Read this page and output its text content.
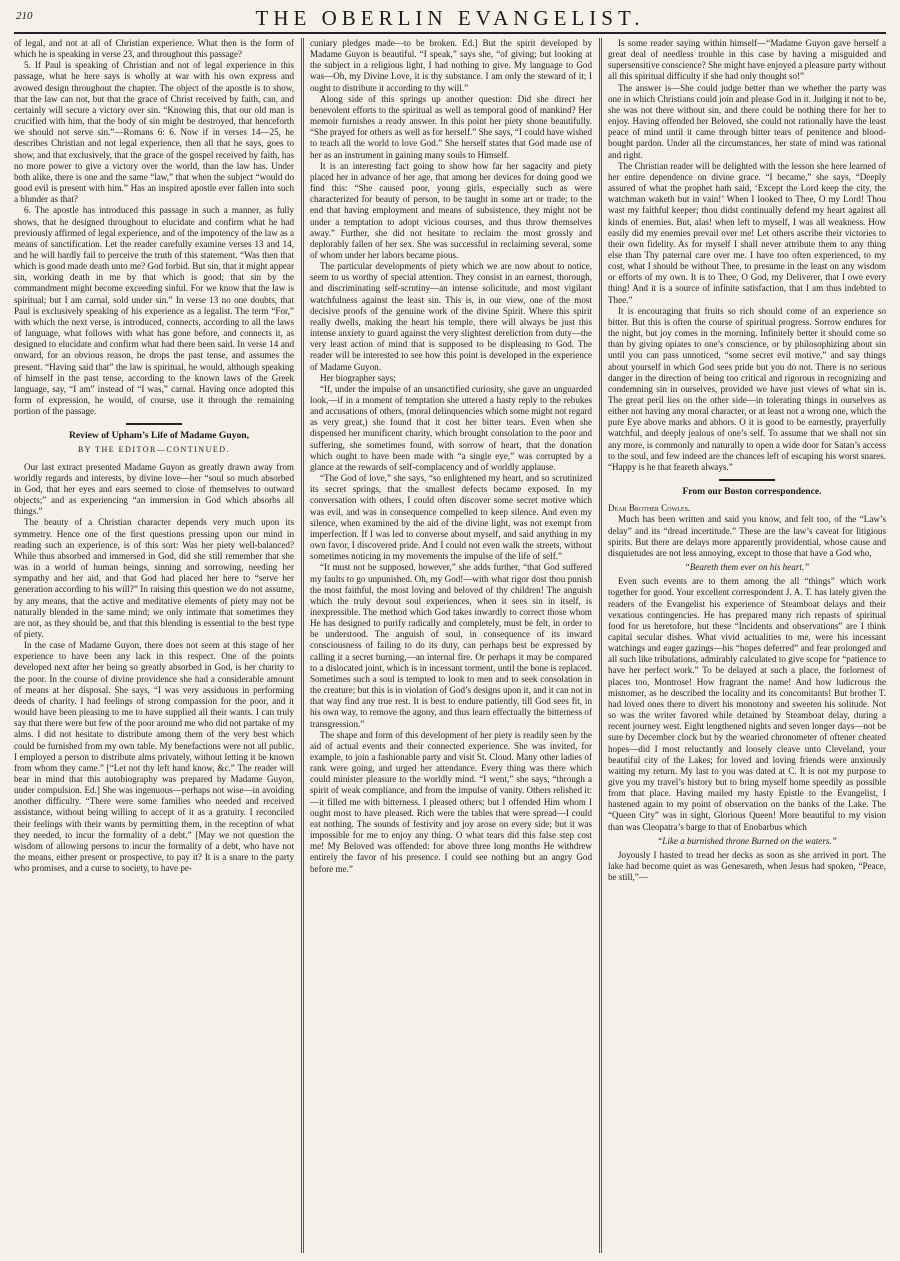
210	THE OBERLIN EVANGELIST.

of legal, and not at all of Christian experience. What then is the form of which he is speaking in verse 23, and throughout this passage?

5. If Paul is speaking of Christian and not of legal experience in this passage, what he here says is wholly at war with his own express and avowed design throughout the chapter. The object of the apostle is to show, that the law can not, but that the grace of Christ received by faith, can, and certainly will secure a victory over sin. “Knowing this, that our old man is crucified with him, that the body of sin might be destroyed, that henceforth we should not serve sin.”—Romans 6: 6. Now if in verses 14—25, he describes Christian and not legal experience, then all that he says, goes to show, and that exclusively, that the grace of the gospel received by faith, has no more power to give a victory over the world, than the law has. Under both alike, there is one and the same “law,” that when the subject “would do good evil is present with him.” Has an inspired apostle ever fallen into such a blunder as that?

6. The apostle has introduced this passage in such a manner, as fully shows, that he designed throughout to elucidate and confirm what he had previously affirmed of legal experience, and of the impotency of the law as a means of sanctification. Let the reader carefully examine verses 13 and 14, and he will hardly fail to perceive the truth of this statement. “Was then that which is good made death unto me? God forbid. But sin, that it might appear sin, working death in me by that which is good; that sin by the commandment might become exceeding sinful. For we know that the law is spiritual; but I am carnal, sold under sin.” In verse 13 no one doubts, that Paul is exclusively speaking of his experience as a legalist. The term “For,” with which the next verse, is introduced, connects, according to all the laws of language, what follows with what has gone before, and connects it, as designed to elucidate and confirm what had there been said. In verse 14 and onward, for an obvious reason, he drops the past tense, and assumes the present. “Having said that” the law is spiritual, he would, although speaking of himself in the past tense, according to the known laws of the Greek language, say, “I am” instead of “I was,” carnal. Having once adopted this form of expression, he would, of course, use it through the remaining portion of the passage.

Review of Upham’s Life of Madame Guyon,

BY THE EDITOR—CONTINUED.

Our last extract presented Madame Guyon as greatly drawn away from worldly regards and interests, by divine love—her “soul so much absorbed in God, that her eyes and ears seemed to close of themselves to outward objects;” and as experiencing “an immersion in God which absorbs all things.”

The beauty of a Christian character depends very much upon its symmetry. Hence one of the first questions pressing upon our mind in reading such an experience, is of this sort: Was her piety well-balanced? While thus absorbed and immersed in God, did she still remember that she was in a world of human beings, sinning and sorrowing, needing her sympathy and her aid, and that God had placed her here to “serve her generation according to his will?” In raising this question we do not assume, by any means, that the active and meditative elements of piety may not be naturally blended in the same mind; we only intimate that sometimes they are not, as they should be, and that this blending is essential to the best type of piety.

In the case of Madame Guyon, there does not seem at this stage of her experience to have been any lack in this respect. One of the points developed next after her being so greatly absorbed in God, is her charity to the poor. In the course of divine providence she had a considerable amount of means at her disposal. She says, “I was very assiduous in performing deeds of charity. I had feelings of strong compassion for the poor, and it would have been pleasing to me to have supplied all their wants. I can truly say that there were but few of the poor around me who did not partake of my alms. I did not hesitate to distribute among them of the very best which could be furnished from my own table. My benefactions were not all public. I employed a person to distribute alms privately, without letting it be known from whom they came.” [“Let not thy left hand know, &c.” The reader will bear in mind that this autobiography was prepared by Madame Guyon, under compulsion. Ed.] She was ingenuous—perhaps not wise—in avoiding another difficulty. “There were some families who needed and received assistance, without being willing to accept of it as a gratuity. I reconciled their feelings with their wants by permitting them, in the reception of what they needed, to incur the formality of a debt.” [May we not question the wisdom of allowing persons to incur the formality of a debt, who have not the means, either present or prospective, to pay it? It is a snare to the party who promises, and a curse to society, to have pe-

cuniary pledges made—to be broken. Ed.] But the spirit developed by Madame Guyon is beautiful. “I speak,” says she, “of giving; but looking at the subject in a religious light, I had nothing to give. My language to God was—Oh, my Divine Love, it is thy substance. I am only the steward of it; I ought to distribute it according to thy will.”

Along side of this springs up another question: Did she direct her benevolent efforts to the spiritual as well as temporal good of mankind? Her memoir furnishes a ready answer. In this point her piety shone beautifully. “She prayed for others as well as for herself.” She says, “I could have wished to teach all the world to love God.” She herself states that God made use of her as an instrument in gaining many souls to Himself.

It is an interesting fact going to show how far her sagacity and piety placed her in advance of her age, that among her devices for doing good we find this: “She caused poor, young girls, especially such as were characterized for beauty of person, to be taught in some art or trade; to the end that having employment and means of subsistence, they might not be under a temptation to adopt vicious courses, and thus throw themselves away.” Further, she did not hesitate to reclaim the most grossly and deplorably fallen of her sex. She was successful in reclaiming several, some of whom under her labors became pious.

The particular developments of piety which we are now about to notice, seem to us worthy of special attention. They consist in an earnest, thorough, and discriminating self-scrutiny—an intense solicitude, and most vigilant watchfulness against the least sin. This is, in our view, one of the most decisive proofs of the genuine work of the divine Spirit. Where this spirit really dwells, making the heart his temple, there will always be just this intense anxiety to guard against the very slightest dereliction from duty—the very least action of mind that is supposed to be displeasing to God. The reader will be interested to see how this point is developed in the experience of Madame Guyon.

Her biographer says;

“If, under the impulse of an unsanctified curiosity, she gave an unguarded look,—if in a moment of temptation she uttered a hasty reply to the rebukes and accusations of others, (moral delinquencies which some might not regard as very great,) she found that it cost her bitter tears. Even when she dispensed her munificent charity, which brought consolation to the poor and suffering, she sometimes found, with sorrow of heart, that the donation which ought to have been made with “a single eye,” was corrupted by a glance at the rewards of self-complacency and of worldly applause.

“The God of love,” she says, “so enlightened my heart, and so scrutinized its secret springs, that the smallest defects became exposed. In my conversation with others, I could often discover some secret motive which was evil, and was in consequence compelled to keep silence. And even my silence, when examined by the aid of the divine light, was not exempt from imperfection. If I was led to converse about myself, and said anything in my own favor, I discovered pride. And I could not even walk the streets, without sometimes noticing in my movements the impulse of the life of self.”

“It must not be supposed, however,” she adds further, “that God suffered my faults to go unpunished. Oh, my God!—with what rigor dost thou punish the most faithful, the most loving and beloved of thy children! The anguish which the truly devout soul experiences, when it sees sin in itself, is inexpressible. The method which God takes inwardly to correct those whom He has designed to purify radically and completely, must be felt, in order to be understood. The anguish of soul, in consequence of its inward consciousness of failing to do its duty, can perhaps best be expressed by calling it a secret burning,—an internal fire. Or perhaps it may be compared to a dislocated joint, which is in incessant torment, until the bone is replaced. Sometimes such a soul is tempted to look to men and to seek consolation in the creature; but this is in violation of God’s designs upon it, and it can not in that way find any true rest. It is best to endure patiently, till God sees fit, in his own way, to remove the agony, and thus learn effectually the bitterness of transgression.”

The shape and form of this development of her piety is readily seen by the aid of actual events and their connected experience. She was invited, for example, to join a fashionable party and visit St. Cloud. Many other ladies of rank were going, and urged her attendance. Every thing was there which could minister pleasure to the worldly mind. “I went,” she says, “through a spirit of weak compliance, and from the impulse of vanity. Others relished it:—it filled me with bitterness. I pleased others; but I offended Him whom I ought most to have pleased. Rich were the tables that were spread—I could eat nothing. The sounds of festivity and joy arose on every side; but it was impossible for me to enjoy any thing. O what tears did this false step cost me! My Beloved was offended: for above three long months He withdrew entirely the favor of his presence. I could see nothing but an angry God before me.”

Is some reader saying within himself—“Madame Guyon gave herself a great deal of needless trouble in this case by having a misguided and supersensitive conscience? She might have enjoyed a pleasure party without all this spiritual difficulty if she had only thought so!”

The answer is—She could judge better than we whether the party was one in which Christians could join and please God in it. Judging it not to be, she was not there without sin, and there could be nothing there for her to enjoy. Having offended her Beloved, she could not rationally have the least peace of mind until it came through bitter tears of penitence and blood-bought pardon. Under all the circumstances, her state of mind was rational and right.

The Christian reader will be delighted with the lesson she here learned of her entire dependence on divine grace. “I became,” she says, “Deeply assured of what the prophet hath said, ‘Except the Lord keep the city, the watchman waketh but in vain!’ When I looked to Thee, O my Lord! Thou wast my faithful keeper; thou didst continually defend my heart against all kinds of enemies. But, alas! when left to myself, I was all weakness. How easily did my enemies prevail over me! Let others ascribe their victories to their own fidelity. As for myself I shall never attribute them to any thing else than Thy paternal care over me. I have too often experienced, to my cost, what I should be without Thee, to presume in the least on any wisdom or efforts of my own. It is to Thee, O God, my Deliverer, that I owe every thing! And it is a source of infinite satisfaction, that I am thus indebted to Thee.”

It is encouraging that fruits so rich should come of an experience so bitter. But this is often the course of spiritual progress. Sorrow endures for the night, but joy comes in the morning. Infinitely better it should come so than by giving opiates to one’s conscience, or by philosophizing about sin until you can pass unnoticed, “some secret evil motive,” and say things about yourself in which God sees pride but you do not. There is no serious danger in the direction of being too critical and rigorous in recognizing and condemning sin in ourselves, provided we have just views of what sin is. The great peril lies on the other side—in tolerating things in ourselves as either not having any moral character, or at least not a wrong one, which the pure Eye above marks and abhors. O it is good to be earnestly, prayerfully watchful, and deeply jealous of one’s self. To assume that we shall not sin any more, is commonly and naturally to open a wide door for Satan’s access to the soul, and few indeed are the chances left of escaping his worst snares. “Happy is he that feareth always.”

From our Boston correspondence.

Dear Brother Cowles.

Much has been written and said you know, and felt too, of the “Law’s delay” and its “dread incertitude.” These are the law’s caveat for litigious spirits. But there are delays more apparently providential, whose cause and disquietudes are not less annoying, except to those that have a God who,

“Beareth them ever on his heart.”

Even such events are to them among the all “things” which work together for good. Your excellent correspondent J. A. T. has lately given the readers of the Evangelist his experience of Steamboat delays and their vexatious contingencies. He has prepared many rich repasts of spiritual food for us heretofore, but these “Incidents and observations” are I think capital secular dishes. What vivid actualities to me, were his incessant watchings and eager gazings—his “hopes deferred” and fear prolonged and all such like tribulations, admirably calculated to give scope for “patience to have her perfect work.” To be delayed at such a place, the forlornest of places too, Montrose! How fragrant the name! And how ludicrous the misnomer, as he described the locality and its concomitants! But brother T. had loved ones there to divert his monotony and sweeten his solitude. Not so was the writer favored while detained by Steamboat delay, during a recent journey west. Eight lengthened nights and seven longer days—not be sure by December clock but by the wearied chronometer of oftener cheated hopes—did I most reluctantly and loosely cleave unto Cleveland, your beautiful city of the Lakes; for loved and loving friends were anxiously waiting my return. My last to you was dated at C. It is not my purpose to give you my travel’s history but to bring myself home speedily as possible from that place. Having mailed my hasty Epistle to the Evangelist, I hastened again to my point of observation on the banks of the Lake. The “Queen City” was in sight, Glorious Queen! More beautiful to my vision than was Cleopatra’s barge to that of Enobarbus which

“Like a burnished throne Burned on the waters.”

Joyously I hasted to tread her decks as soon as she arrived in port. The lake had become quiet as was Genesareth, when Jesus had spoken, “Peace, be still,”—
